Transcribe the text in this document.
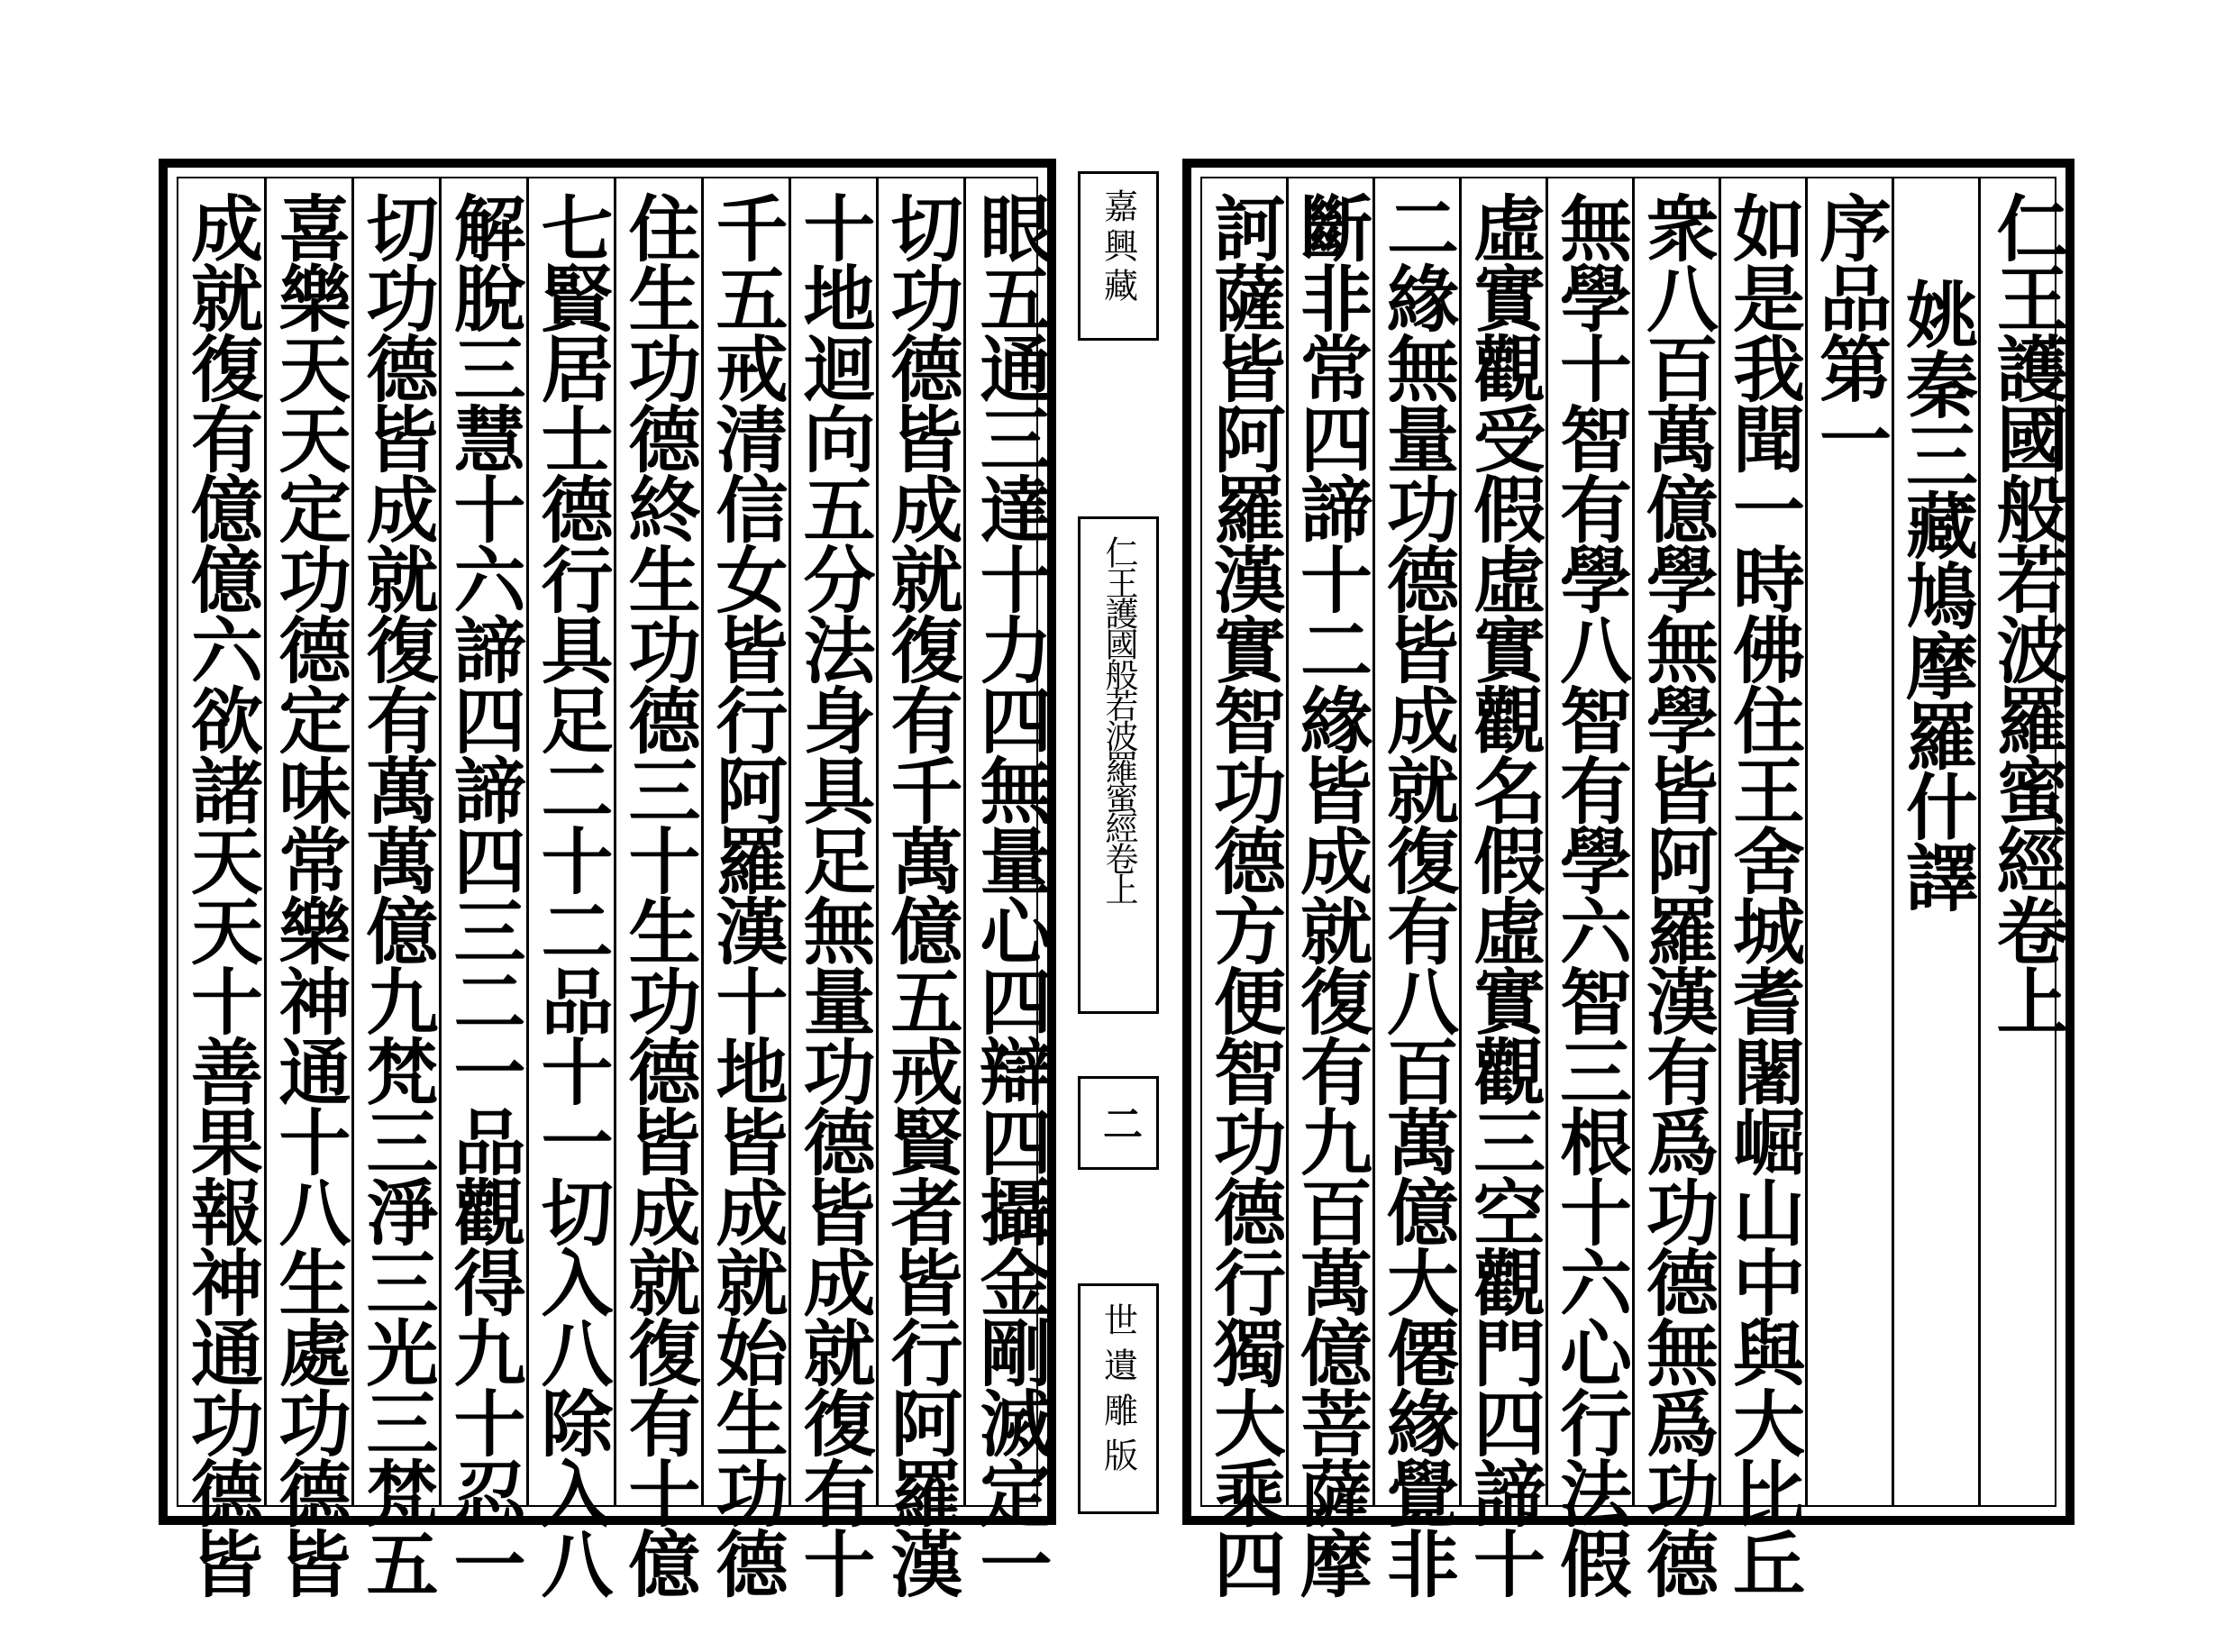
成就復有億億六欲諸天天十善果報神通功德皆 喜樂天天定功德定味常樂神通十八生處功德皆 切功德皆成就復有萬萬億九梵三淨三光三梵五 解脫三慧十六諦四諦四三二一品觀得九十忍一 七賢居士德行具足二十二品十一切入八除入八 住生功德終生功德三十生功德皆成就復有十億 千五戒清信女皆行阿羅漢十地皆成就始生功德 十地迴向五分法身具足無量功德皆成就復有十 切功德皆成就復有千萬億五戒賢者皆行阿羅漢 眼五通三達十力四無量心四辯四攝金剛滅定一 嘉興藏
仁王護國般若波羅蜜經卷上
二
世遺雕版 訶薩皆阿羅漢實智功德方便智功德行獨大乘四 斷非常四諦十二緣皆成就復有九百萬億菩薩摩 二緣無量功德皆成就復有八百萬億大僊緣覺非 虛實觀受假虛實觀名假虛實觀三空觀門四諦十 無學十智有學八智有學六智三根十六心行法假 衆八百萬億學無學皆阿羅漢有爲功德無爲功德 如是我聞一時佛住王舍城耆闍崛山中與大比丘 序品第一 姚秦三藏鳩摩羅什譯 仁王護國般若波羅蜜經卷上
